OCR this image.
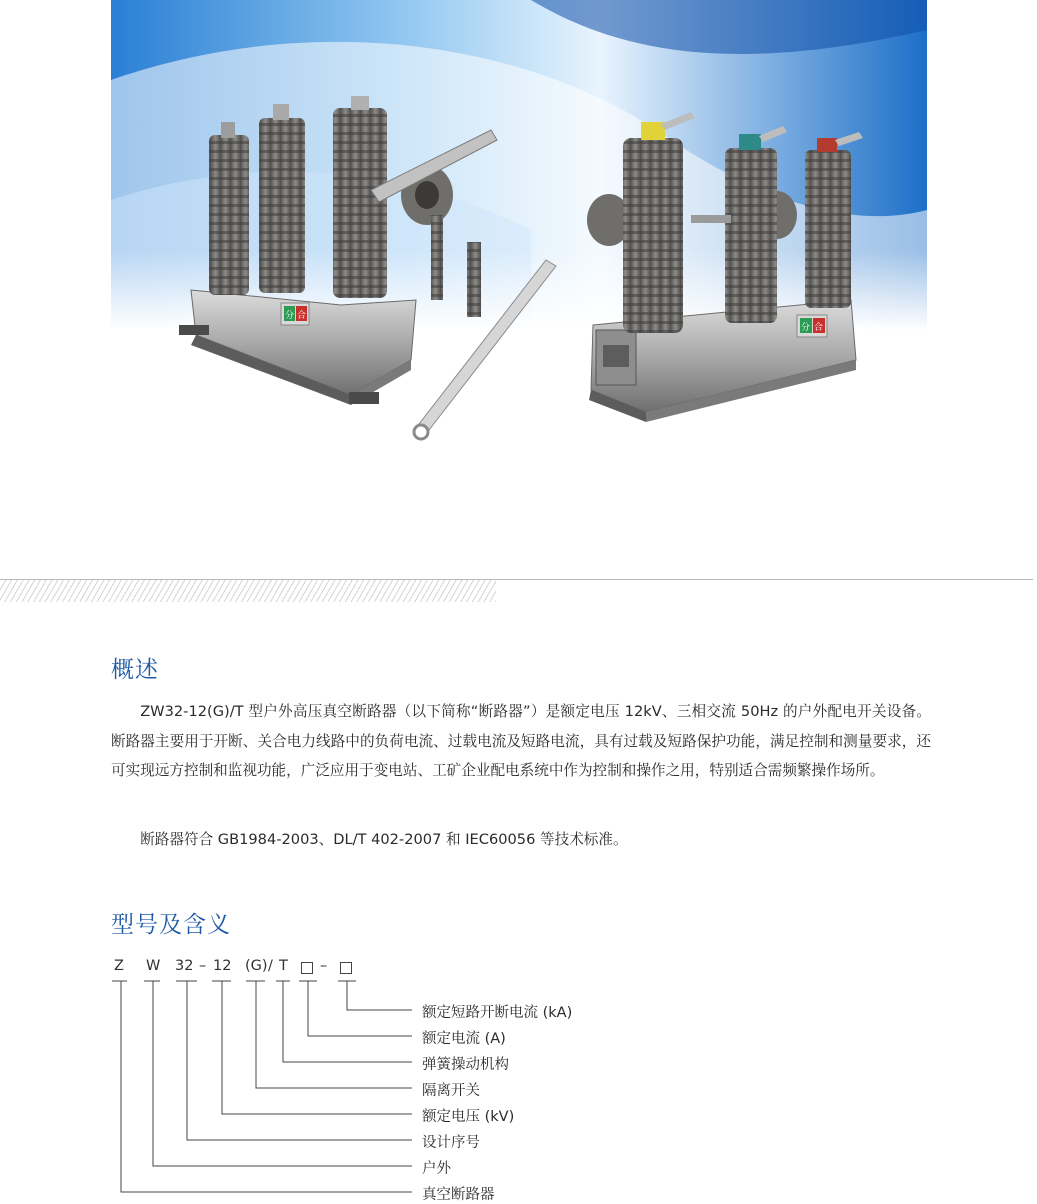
分 合
分 合
概述

ZW32-12(G)/T 型户外高压真空断路器（以下简称“断路器”）是额定电压 12kV、三相交流 50Hz 的户外配电开关设备。断路器主要用于开断、关合电力线路中的负荷电流、过载电流及短路电流，具有过载及短路保护功能，满足控制和测量要求，还可实现远方控制和监视功能，广泛应用于变电站、工矿企业配电系统中作为控制和操作之用，特别适合需频繁操作场所。

断路器符合 GB1984-2003、DL/T 402-2007 和 IEC60056 等技术标准。

型号及含义
Z W 32 – 12 (G) / T –
额定短路开断电流 (kA)
额定电流 (A)
弹簧操动机构
隔离开关
额定电压 (kV)
设计序号
户外
真空断路器
